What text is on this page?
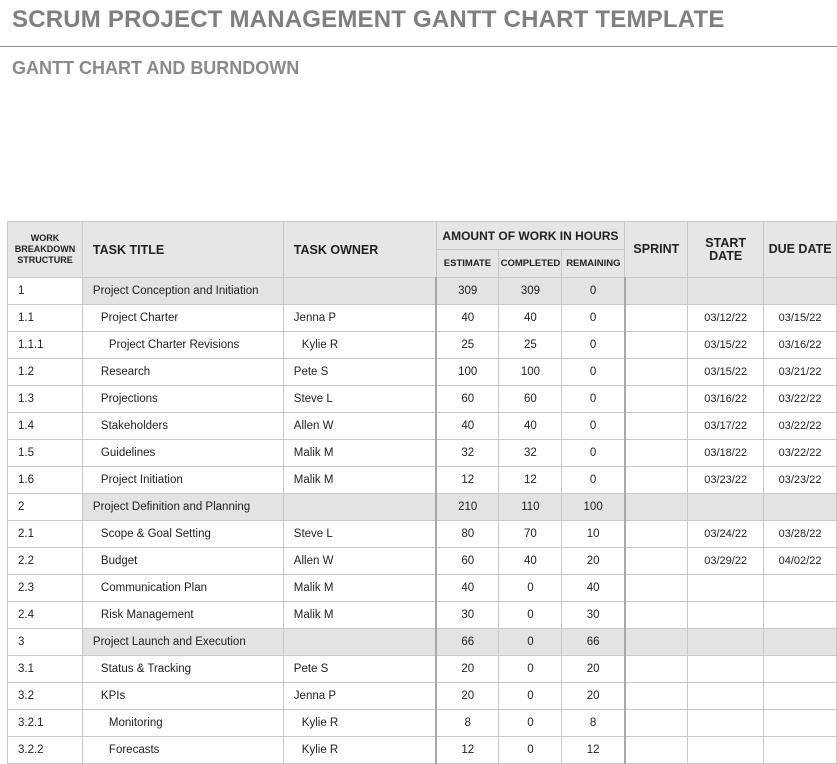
SCRUM PROJECT MANAGEMENT GANTT CHART TEMPLATE
GANTT CHART AND BURNDOWN
WORK BREAKDOWN STRUCTURE	TASK TITLE	TASK OWNER	AMOUNT OF WORK IN HOURS			SPRINT	START DATE	DUE DATE
			ESTIMATE	COMPLETED	REMAINING			
1	Project Conception and Initiation		309	309	0			
1.1	Project Charter	Jenna P	40	40	0		03/12/22	03/15/22
1.1.1	Project Charter Revisions	Kylie R	25	25	0		03/15/22	03/16/22
1.2	Research	Pete S	100	100	0		03/15/22	03/21/22
1.3	Projections	Steve L	60	60	0		03/16/22	03/22/22
1.4	Stakeholders	Allen W	40	40	0		03/17/22	03/22/22
1.5	Guidelines	Malik M	32	32	0		03/18/22	03/22/22
1.6	Project Initiation	Malik M	12	12	0		03/23/22	03/23/22
2	Project Definition and Planning		210	110	100			
2.1	Scope & Goal Setting	Steve L	80	70	10		03/24/22	03/28/22
2.2	Budget	Allen W	60	40	20		03/29/22	04/02/22
2.3	Communication Plan	Malik M	40	0	40			
2.4	Risk Management	Malik M	30	0	30			
3	Project Launch and Execution		66	0	66			
3.1	Status & Tracking	Pete S	20	0	20			
3.2	KPIs	Jenna P	20	0	20			
3.2.1	Monitoring	Kylie R	8	0	8			
3.2.2	Forecasts	Kylie R	12	0	12			
